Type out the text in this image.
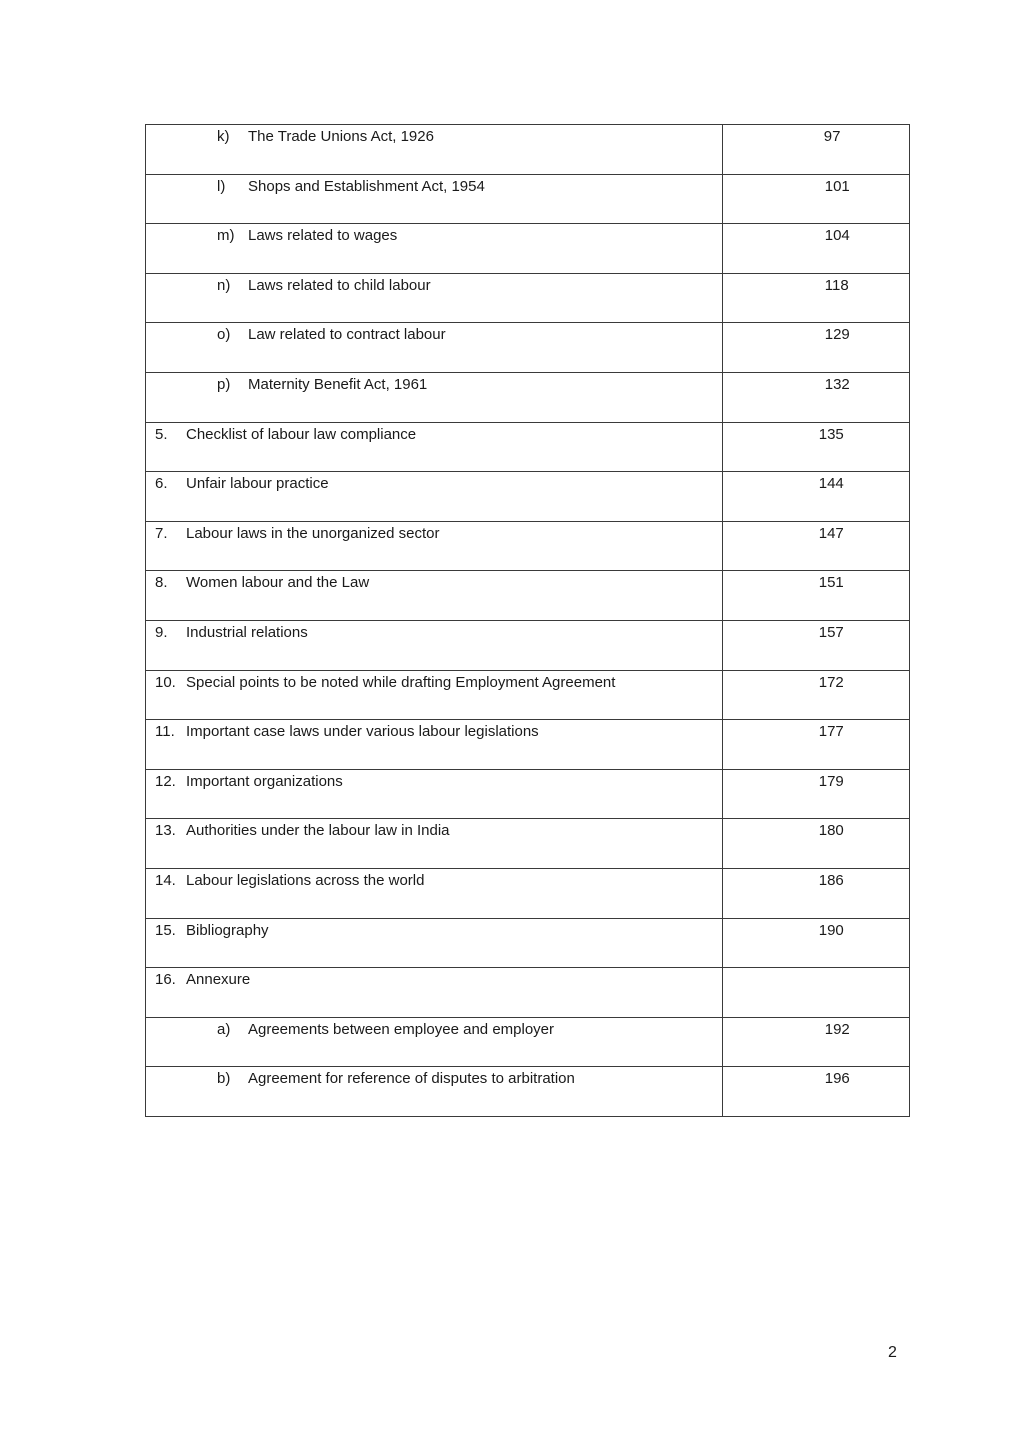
k) The Trade Unions Act, 1926	97

l) Shops and Establishment Act, 1954	101

m) Laws related to wages	104

n) Laws related to child labour	118

o) Law related to contract labour	129

p) Maternity Benefit Act, 1961	132

5. Checklist of labour law compliance	135

6. Unfair labour practice	144

7. Labour laws in the unorganized sector	147

8. Women labour and the Law	151

9. Industrial relations	157

10. Special points to be noted while drafting Employment Agreement	172

11. Important case laws under various labour legislations	177

12. Important organizations	179

13. Authorities under the labour law in India	180

14. Labour legislations across the world	186

15. Bibliography	190

16. Annexure	

a) Agreements between employee and employer	192

b) Agreement for reference of disputes to arbitration	196
2
